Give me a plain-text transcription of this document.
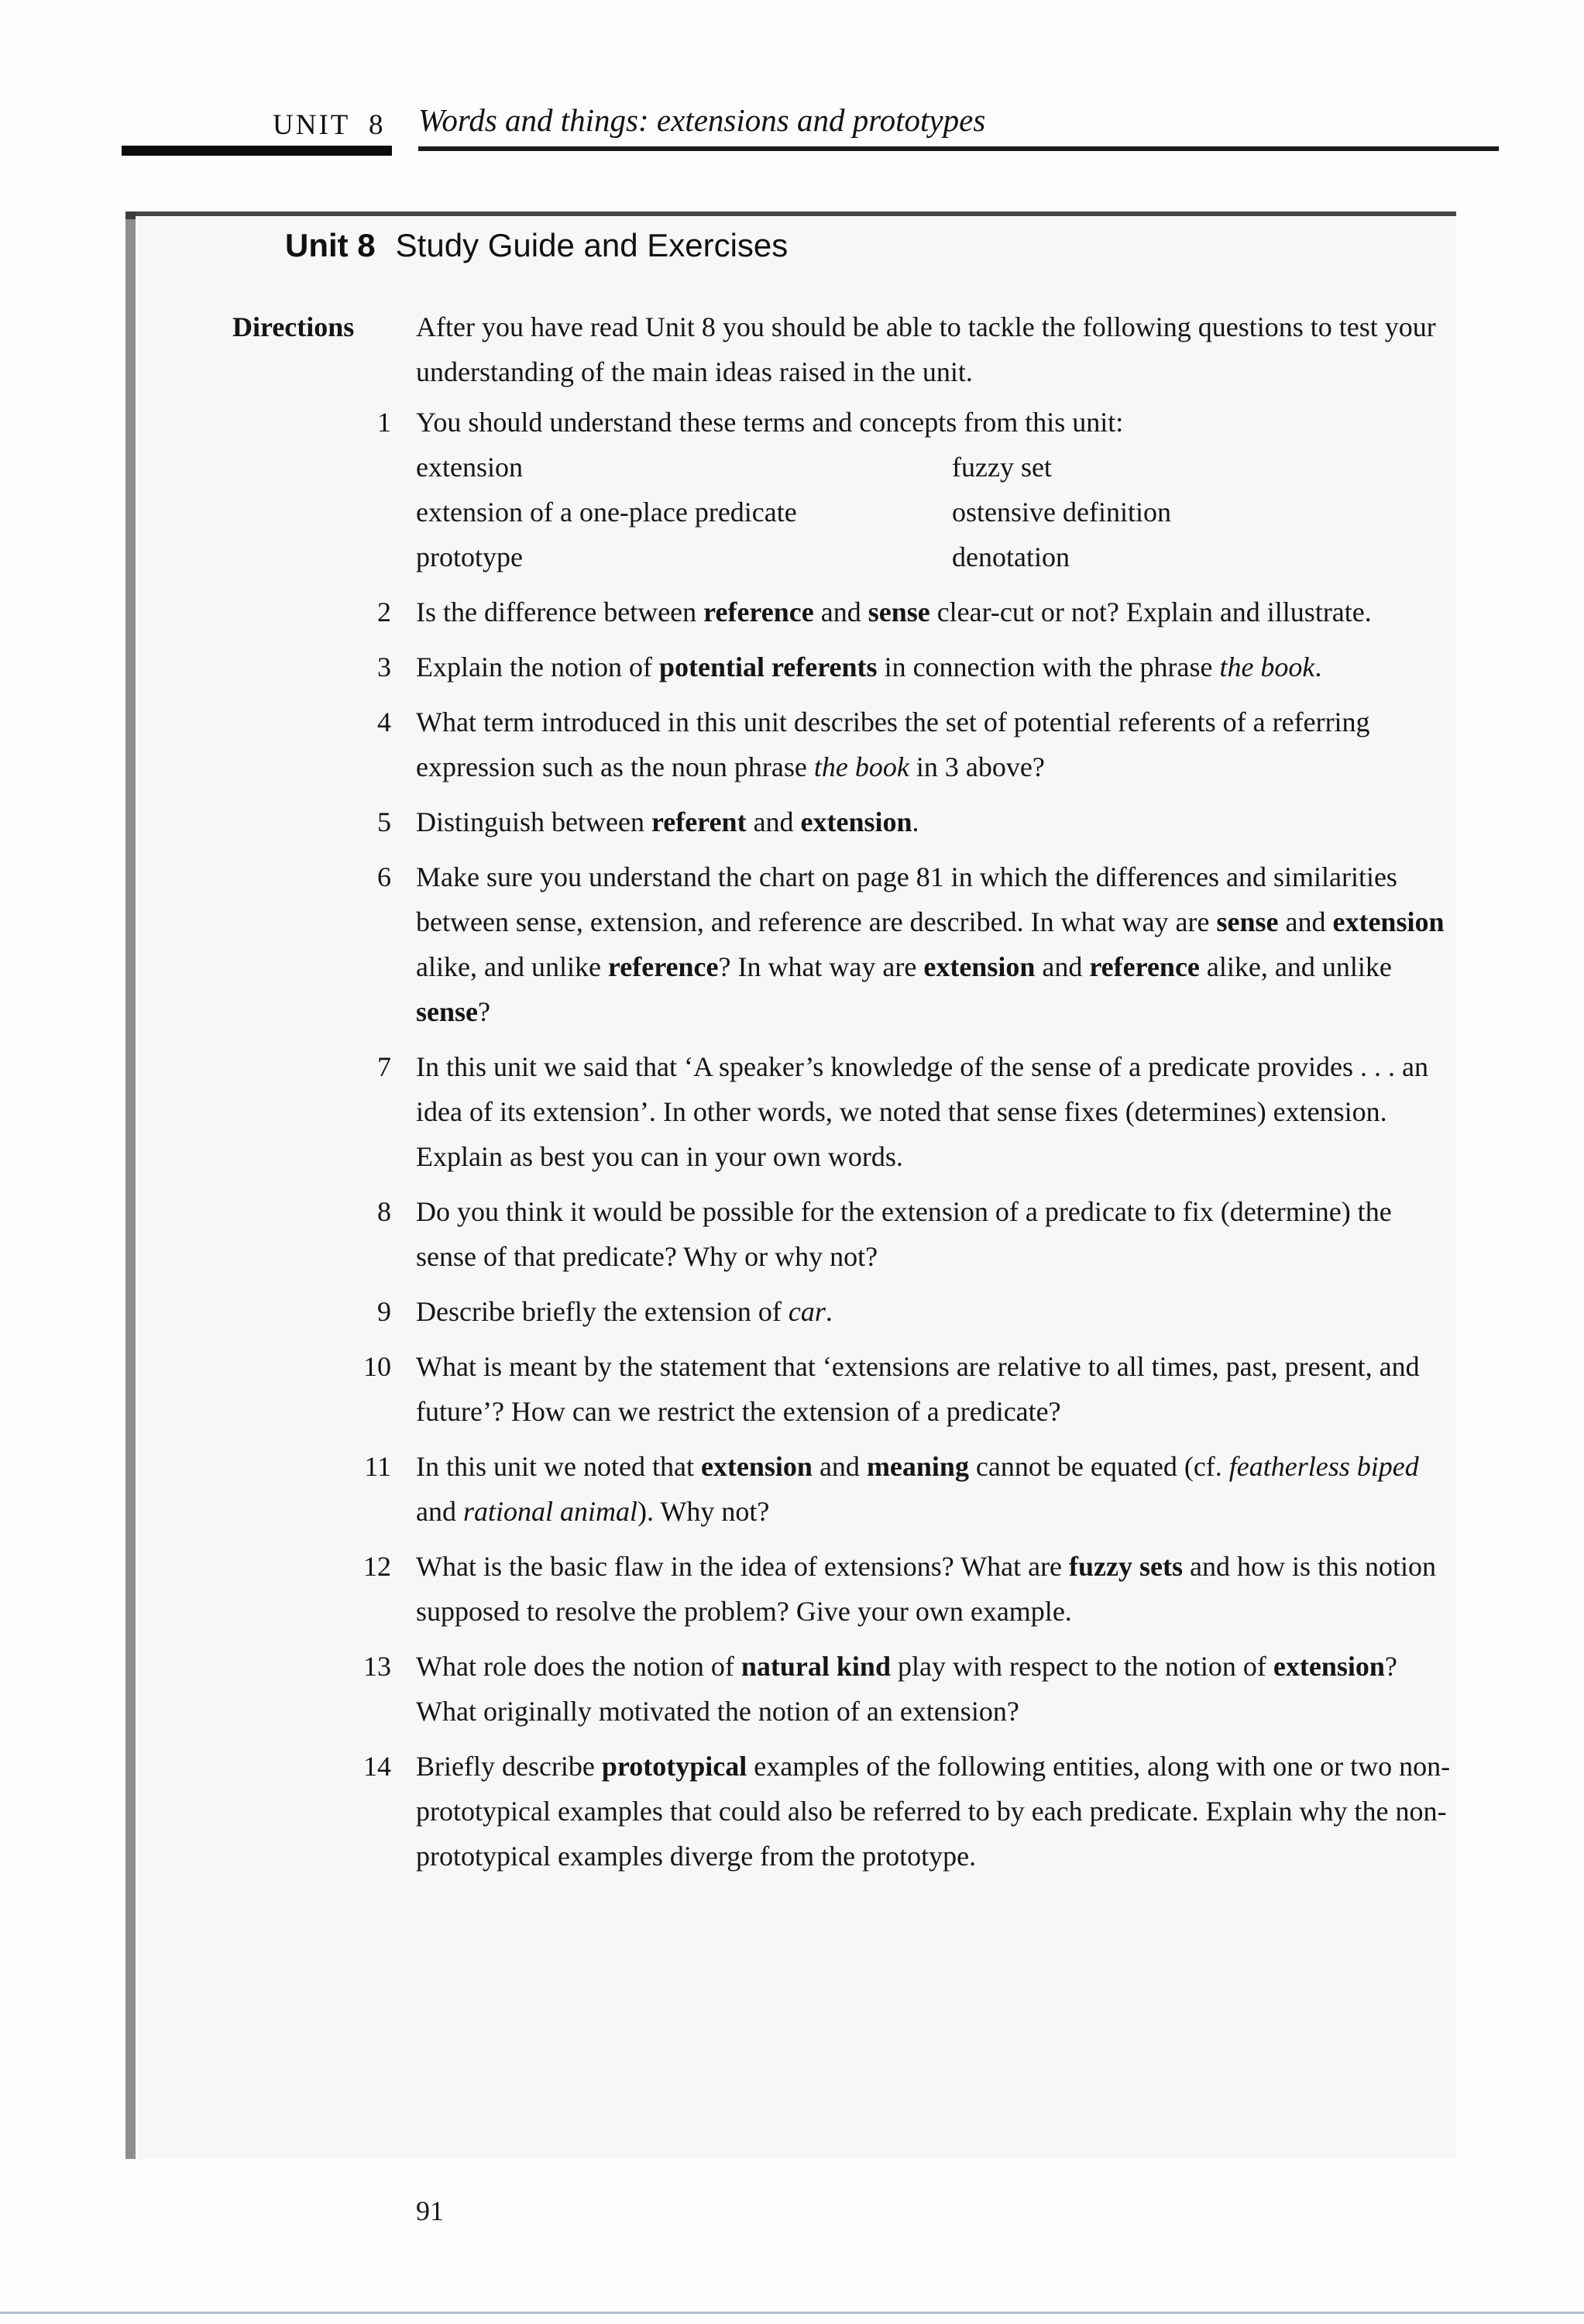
UNIT 8 Words and things: extensions and prototypes
Unit 8 Study Guide and Exercises
Directions	After you have read Unit 8 you should be able to tackle the following questions to test your understanding of the main ideas raised in the unit.

1 You should understand these terms and concepts from this unit:
extension	fuzzy set
extension of a one-place predicate	ostensive definition
prototype	denotation
2 Is the difference between reference and sense clear-cut or not? Explain and illustrate.
3 Explain the notion of potential referents in connection with the phrase the book.
4 What term introduced in this unit describes the set of potential referents of a referring expression such as the noun phrase the book in 3 above?
5 Distinguish between referent and extension.
6 Make sure you understand the chart on page 81 in which the differences and similarities between sense, extension, and reference are described. In what way are sense and extension alike, and unlike reference? In what way are extension and reference alike, and unlike sense?
7 In this unit we said that ‘A speaker’s knowledge of the sense of a predicate provides . . . an idea of its extension’. In other words, we noted that sense fixes (determines) extension. Explain as best you can in your own words.
8 Do you think it would be possible for the extension of a predicate to fix (determine) the sense of that predicate? Why or why not?
9 Describe briefly the extension of car.
10 What is meant by the statement that ‘extensions are relative to all times, past, present, and future’? How can we restrict the extension of a predicate?
11 In this unit we noted that extension and meaning cannot be equated (cf. featherless biped and rational animal). Why not?
12 What is the basic flaw in the idea of extensions? What are fuzzy sets and how is this notion supposed to resolve the problem? Give your own example.
13 What role does the notion of natural kind play with respect to the notion of extension? What originally motivated the notion of an extension?
14 Briefly describe prototypical examples of the following entities, along with one or two non-prototypical examples that could also be referred to by each predicate. Explain why the non-prototypical examples diverge from the prototype.
91
